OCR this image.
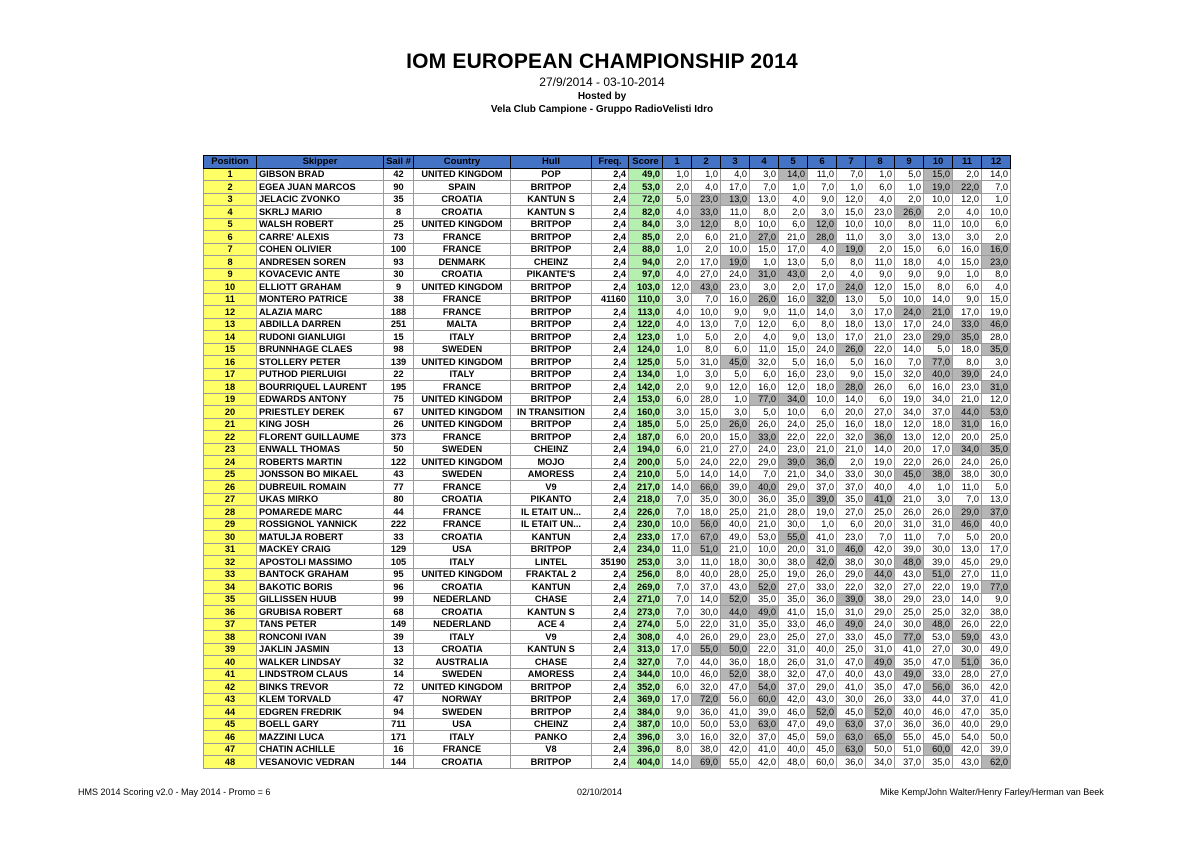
IOM EUROPEAN CHAMPIONSHIP 2014
27/9/2014 - 03-10-2014
Hosted by
Vela Club Campione - Gruppo RadioVelisti Idro
Position	Skipper	Sail #	Country	Hull	Freq.	Score	1	2	3	4	5	6	7	8	9	10	11	12
1	GIBSON BRAD	42	UNITED KINGDOM	POP	2,4	49,0	1,0	1,0	4,0	3,0	14,0	11,0	7,0	1,0	5,0	15,0	2,0	14,0
2	EGEA JUAN MARCOS	90	SPAIN	BRITPOP	2,4	53,0	2,0	4,0	17,0	7,0	1,0	7,0	1,0	6,0	1,0	19,0	22,0	7,0
3	JELACIC ZVONKO	35	CROATIA	KANTUN S	2,4	72,0	5,0	23,0	13,0	13,0	4,0	9,0	12,0	4,0	2,0	10,0	12,0	1,0
4	SKRLJ MARIO	8	CROATIA	KANTUN S	2,4	82,0	4,0	33,0	11,0	8,0	2,0	3,0	15,0	23,0	26,0	2,0	4,0	10,0
5	WALSH ROBERT	25	UNITED KINGDOM	BRITPOP	2,4	84,0	3,0	12,0	8,0	10,0	6,0	12,0	10,0	10,0	8,0	11,0	10,0	6,0
6	CARRE' ALEXIS	73	FRANCE	BRITPOP	2,4	85,0	2,0	6,0	21,0	27,0	21,0	28,0	11,0	3,0	3,0	13,0	3,0	2,0
7	COHEN OLIVIER	100	FRANCE	BRITPOP	2,4	88,0	1,0	2,0	10,0	15,0	17,0	4,0	19,0	2,0	15,0	6,0	16,0	16,0
8	ANDRESEN SOREN	93	DENMARK	CHEINZ	2,4	94,0	2,0	17,0	19,0	1,0	13,0	5,0	8,0	11,0	18,0	4,0	15,0	23,0
9	KOVACEVIC ANTE	30	CROATIA	PIKANTE'S	2,4	97,0	4,0	27,0	24,0	31,0	43,0	2,0	4,0	9,0	9,0	9,0	1,0	8,0
10	ELLIOTT GRAHAM	9	UNITED KINGDOM	BRITPOP	2,4	103,0	12,0	43,0	23,0	3,0	2,0	17,0	24,0	12,0	15,0	8,0	6,0	4,0
11	MONTERO PATRICE	38	FRANCE	BRITPOP	41160	110,0	3,0	7,0	16,0	26,0	16,0	32,0	13,0	5,0	10,0	14,0	9,0	15,0
12	ALAZIA MARC	188	FRANCE	BRITPOP	2,4	113,0	4,0	10,0	9,0	9,0	11,0	14,0	3,0	17,0	24,0	21,0	17,0	19,0
13	ABDILLA DARREN	251	MALTA	BRITPOP	2,4	122,0	4,0	13,0	7,0	12,0	6,0	8,0	18,0	13,0	17,0	24,0	33,0	46,0
14	RUDONI GIANLUIGI	15	ITALY	BRITPOP	2,4	123,0	1,0	5,0	2,0	4,0	9,0	13,0	17,0	21,0	23,0	29,0	35,0	28,0
15	BRUNNHAGE CLAES	98	SWEDEN	BRITPOP	2,4	124,0	1,0	8,0	6,0	11,0	15,0	24,0	26,0	22,0	14,0	5,0	18,0	35,0
16	STOLLERY PETER	139	UNITED KINGDOM	BRITPOP	2,4	125,0	5,0	31,0	45,0	32,0	5,0	16,0	5,0	16,0	7,0	77,0	8,0	3,0
17	PUTHOD PIERLUIGI	22	ITALY	BRITPOP	2,4	134,0	1,0	3,0	5,0	6,0	16,0	23,0	9,0	15,0	32,0	40,0	39,0	24,0
18	BOURRIQUEL LAURENT	195	FRANCE	BRITPOP	2,4	142,0	2,0	9,0	12,0	16,0	12,0	18,0	28,0	26,0	6,0	16,0	23,0	31,0
19	EDWARDS ANTONY	75	UNITED KINGDOM	BRITPOP	2,4	153,0	6,0	28,0	1,0	77,0	34,0	10,0	14,0	6,0	19,0	34,0	21,0	12,0
20	PRIESTLEY DEREK	67	UNITED KINGDOM	IN TRANSITION	2,4	160,0	3,0	15,0	3,0	5,0	10,0	6,0	20,0	27,0	34,0	37,0	44,0	53,0
21	KING JOSH	26	UNITED KINGDOM	BRITPOP	2,4	185,0	5,0	25,0	26,0	26,0	24,0	25,0	16,0	18,0	12,0	18,0	31,0	16,0
22	FLORENT GUILLAUME	373	FRANCE	BRITPOP	2,4	187,0	6,0	20,0	15,0	33,0	22,0	22,0	32,0	36,0	13,0	12,0	20,0	25,0
23	ENWALL THOMAS	50	SWEDEN	CHEINZ	2,4	194,0	6,0	21,0	27,0	24,0	23,0	21,0	21,0	14,0	20,0	17,0	34,0	35,0
24	ROBERTS MARTIN	122	UNITED KINGDOM	MOJO	2,4	200,0	5,0	24,0	22,0	29,0	39,0	36,0	2,0	19,0	22,0	26,0	24,0	26,0
25	JONSSON BO MIKAEL	43	SWEDEN	AMORESS	2,4	210,0	5,0	14,0	14,0	7,0	21,0	34,0	33,0	30,0	45,0	38,0	38,0	30,0
26	DUBREUIL ROMAIN	77	FRANCE	V9	2,4	217,0	14,0	66,0	39,0	40,0	29,0	37,0	37,0	40,0	4,0	1,0	11,0	5,0
27	UKAS MIRKO	80	CROATIA	PIKANTO	2,4	218,0	7,0	35,0	30,0	36,0	35,0	39,0	35,0	41,0	21,0	3,0	7,0	13,0
28	POMAREDE MARC	44	FRANCE	IL ETAIT UN...	2,4	226,0	7,0	18,0	25,0	21,0	28,0	19,0	27,0	25,0	26,0	26,0	29,0	37,0
29	ROSSIGNOL YANNICK	222	FRANCE	IL ETAIT UN...	2,4	230,0	10,0	56,0	40,0	21,0	30,0	1,0	6,0	20,0	31,0	31,0	46,0	40,0
30	MATULJA ROBERT	33	CROATIA	KANTUN	2,4	233,0	17,0	67,0	49,0	53,0	55,0	41,0	23,0	7,0	11,0	7,0	5,0	20,0
31	MACKEY CRAIG	129	USA	BRITPOP	2,4	234,0	11,0	51,0	21,0	10,0	20,0	31,0	46,0	42,0	39,0	30,0	13,0	17,0
32	APOSTOLI MASSIMO	105	ITALY	LINTEL	35190	253,0	3,0	11,0	18,0	30,0	38,0	42,0	38,0	30,0	48,0	39,0	45,0	29,0
33	BANTOCK GRAHAM	95	UNITED KINGDOM	FRAKTAL 2	2,4	256,0	8,0	40,0	28,0	25,0	19,0	26,0	29,0	44,0	43,0	51,0	27,0	11,0
34	BAKOTIC BORIS	96	CROATIA	KANTUN	2,4	269,0	7,0	37,0	43,0	52,0	27,0	33,0	22,0	32,0	27,0	22,0	19,0	77,0
35	GILLISSEN HUUB	99	NEDERLAND	CHASE	2,4	271,0	7,0	14,0	52,0	35,0	35,0	36,0	39,0	38,0	29,0	23,0	14,0	9,0
36	GRUBISA ROBERT	68	CROATIA	KANTUN S	2,4	273,0	7,0	30,0	44,0	49,0	41,0	15,0	31,0	29,0	25,0	25,0	32,0	38,0
37	TANS PETER	149	NEDERLAND	ACE 4	2,4	274,0	5,0	22,0	31,0	35,0	33,0	46,0	49,0	24,0	30,0	48,0	26,0	22,0
38	RONCONI IVAN	39	ITALY	V9	2,4	308,0	4,0	26,0	29,0	23,0	25,0	27,0	33,0	45,0	77,0	53,0	59,0	43,0
39	JAKLIN JASMIN	13	CROATIA	KANTUN S	2,4	313,0	17,0	55,0	50,0	22,0	31,0	40,0	25,0	31,0	41,0	27,0	30,0	49,0
40	WALKER LINDSAY	32	AUSTRALIA	CHASE	2,4	327,0	7,0	44,0	36,0	18,0	26,0	31,0	47,0	49,0	35,0	47,0	51,0	36,0
41	LINDSTROM CLAUS	14	SWEDEN	AMORESS	2,4	344,0	10,0	46,0	52,0	38,0	32,0	47,0	40,0	43,0	49,0	33,0	28,0	27,0
42	BINKS TREVOR	72	UNITED KINGDOM	BRITPOP	2,4	352,0	6,0	32,0	47,0	54,0	37,0	29,0	41,0	35,0	47,0	56,0	36,0	42,0
43	KLEM TORVALD	47	NORWAY	BRITPOP	2,4	369,0	17,0	72,0	56,0	60,0	42,0	43,0	30,0	26,0	33,0	44,0	37,0	41,0
44	EDGREN FREDRIK	94	SWEDEN	BRITPOP	2,4	384,0	9,0	36,0	41,0	39,0	46,0	52,0	45,0	52,0	40,0	46,0	47,0	35,0
45	BOELL GARY	711	USA	CHEINZ	2,4	387,0	10,0	50,0	53,0	63,0	47,0	49,0	63,0	37,0	36,0	36,0	40,0	29,0
46	MAZZINI LUCA	171	ITALY	PANKO	2,4	396,0	3,0	16,0	32,0	37,0	45,0	59,0	63,0	65,0	55,0	45,0	54,0	50,0
47	CHATIN ACHILLE	16	FRANCE	V8	2,4	396,0	8,0	38,0	42,0	41,0	40,0	45,0	63,0	50,0	51,0	60,0	42,0	39,0
48	VESANOVIC VEDRAN	144	CROATIA	BRITPOP	2,4	404,0	14,0	69,0	55,0	42,0	48,0	60,0	36,0	34,0	37,0	35,0	43,0	62,0
HMS 2014 Scoring v2.0 - May 2014 - Promo = 6	02/10/2014	Mike Kemp/John Walter/Henry Farley/Herman van Beek
